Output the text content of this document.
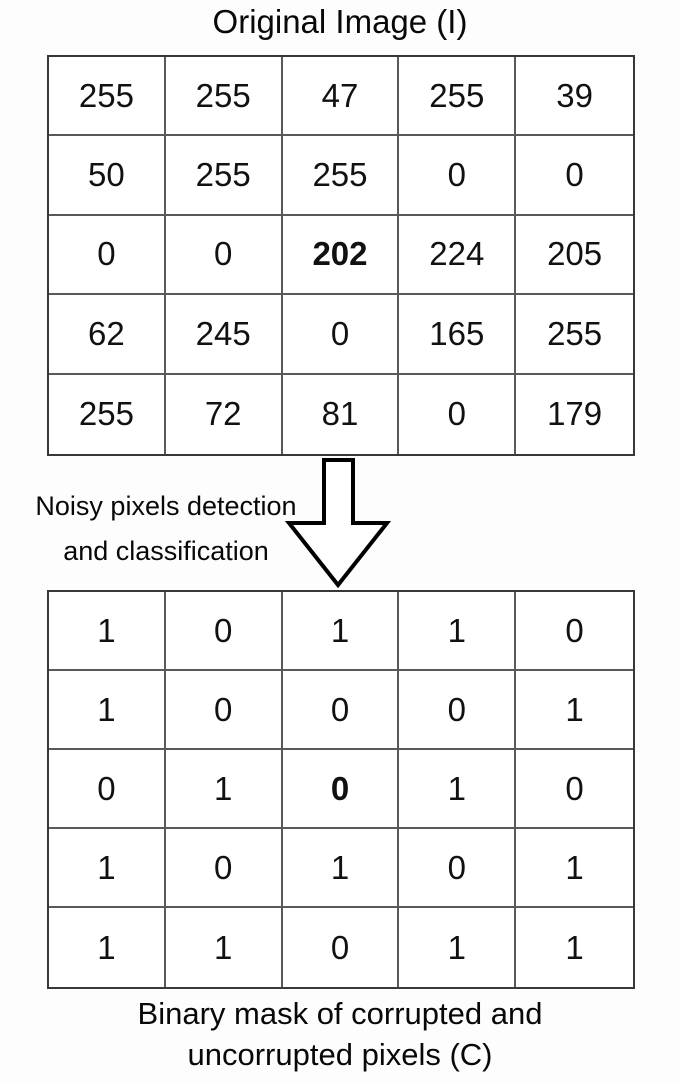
Original Image (I)
255	255	47	255	39
50	255	255	0	0
0	0	202	224	205
62	245	0	165	255
255	72	81	0	179
Noisy pixels detection
and classification
1	0	1	1	0
1	0	0	0	1
0	1	0	1	0
1	0	1	0	1
1	1	0	1	1
Binary mask of corrupted and
uncorrupted pixels (C)
